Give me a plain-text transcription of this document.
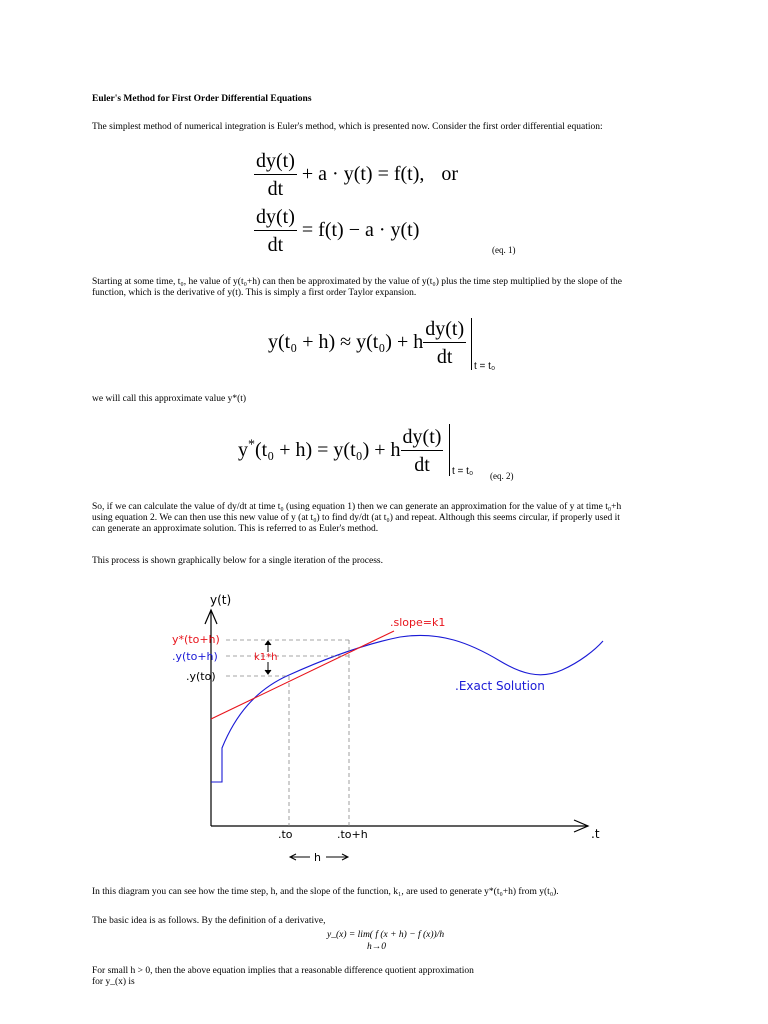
Euler's Method for First Order Differential Equations
The simplest method of numerical integration is Euler's method, which is presented now. Consider the first order differential equation:
$\frac{dy(t)}{dt} + a \cdot y(t) = f(t)$, or
$\frac{dy(t)}{dt} = f(t) - a \cdot y(t)$
(eq. 1)
Starting at some time, t₀, he value of y(t₀+h) can then be approximated by the value of y(t₀) plus the time step multiplied by the slope of the
function, which is the derivative of y(t). This is simply a first order Taylor expansion.
y(t₀ + h) ≈ y(t₀) + h $\frac{dy(t)}{dt}$ t = t₀
we will call this approximate value y*(t)
y*(t₀ + h) = y(t₀) + h $\frac{dy(t)}{dt}$ t = t₀ (eq. 2)
So, if we can calculate the value of dy/dt at time t₀ (using equation 1) then we can generate an approximation for the value of y at time t₀+h
using equation 2. We can then use this new value of y (at t₀) to find dy/dt (at t₀) and repeat. Although this seems circular, if properly used it
can generate an approximate solution. This is referred to as Euler's method.
This process is shown graphically below for a single iteration of the process.
y(t)
.t
.slope=k1
y*(to+h)
.y(to+h)
.y(to)
k1*h
.Exact Solution
.to	.to+h
h
In this diagram you can see how the time step, h, and the slope of the function, k₁, are used to generate y*(t₀+h) from y(t₀).
The basic idea is as follows. By the definition of a derivative,
y_(x) = lim( f (x + h) − f (x))/h
h→0
For small h > 0, then the above equation implies that a reasonable difference quotient approximation
for y_(x) is
